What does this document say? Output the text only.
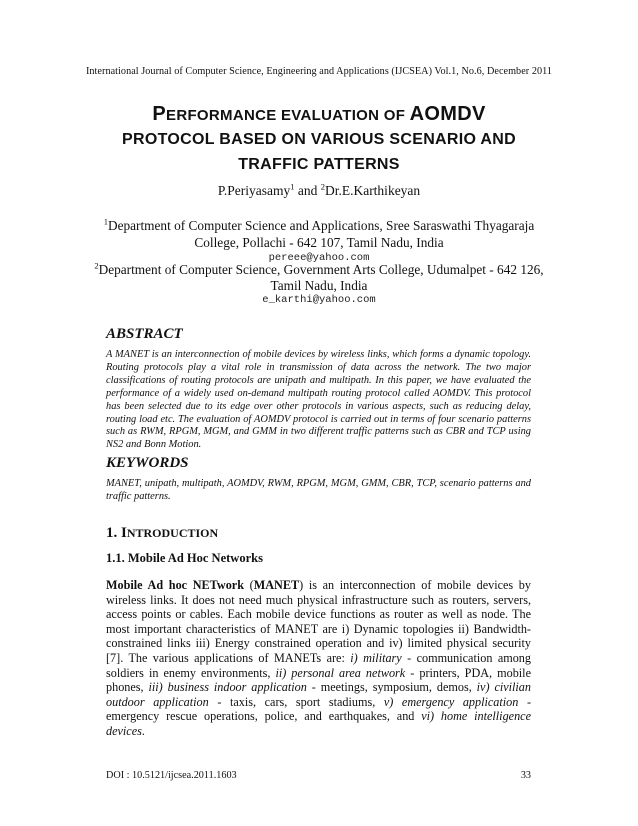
International Journal of Computer Science, Engineering and Applications (IJCSEA) Vol.1, No.6, December 2011
PERFORMANCE EVALUATION OF AOMDV
PROTOCOL BASED ON VARIOUS SCENARIO AND
TRAFFIC PATTERNS
P.Periyasamy$^1$ and $^2$Dr.E.Karthikeyan
$^1$Department of Computer Science and Applications, Sree Saraswathi Thyagaraja
College, Pollachi - 642 107, Tamil Nadu, India
pereee@yahoo.com
$^2$Department of Computer Science, Government Arts College, Udumalpet - 642 126,
Tamil Nadu, India
e_karthi@yahoo.com
ABSTRACT
A MANET is an interconnection of mobile devices by wireless links, which forms a dynamic topology. Routing protocols play a vital role in transmission of data across the network. The two major classifications of routing protocols are unipath and multipath. In this paper, we have evaluated the performance of a widely used on-demand multipath routing protocol called AOMDV. This protocol has been selected due to its edge over other protocols in various aspects, such as reducing delay, routing load etc. The evaluation of AOMDV protocol is carried out in terms of four scenario patterns such as RWM, RPGM, MGM, and GMM in two different traffic patterns such as CBR and TCP using NS2 and Bonn Motion.
KEYWORDS
MANET, unipath, multipath, AOMDV, RWM, RPGM, MGM, GMM, CBR, TCP, scenario patterns and traffic patterns.
1. INTRODUCTION
1.1. Mobile Ad Hoc Networks
Mobile Ad hoc NETwork (MANET) is an interconnection of mobile devices by wireless links. It does not need much physical infrastructure such as routers, servers, access points or cables. Each mobile device functions as router as well as node. The most important characteristics of MANET are i) Dynamic topologies ii) Bandwidth-constrained links iii) Energy constrained operation and iv) limited physical security [7]. The various applications of MANETs are: i) military - communication among soldiers in enemy environments, ii) personal area network - printers, PDA, mobile phones, iii) business indoor application - meetings, symposium, demos, iv) civilian outdoor application - taxis, cars, sport stadiums, v) emergency application - emergency rescue operations, police, and earthquakes, and vi) home intelligence devices.
DOI : 10.5121/ijcsea.2011.1603	33
